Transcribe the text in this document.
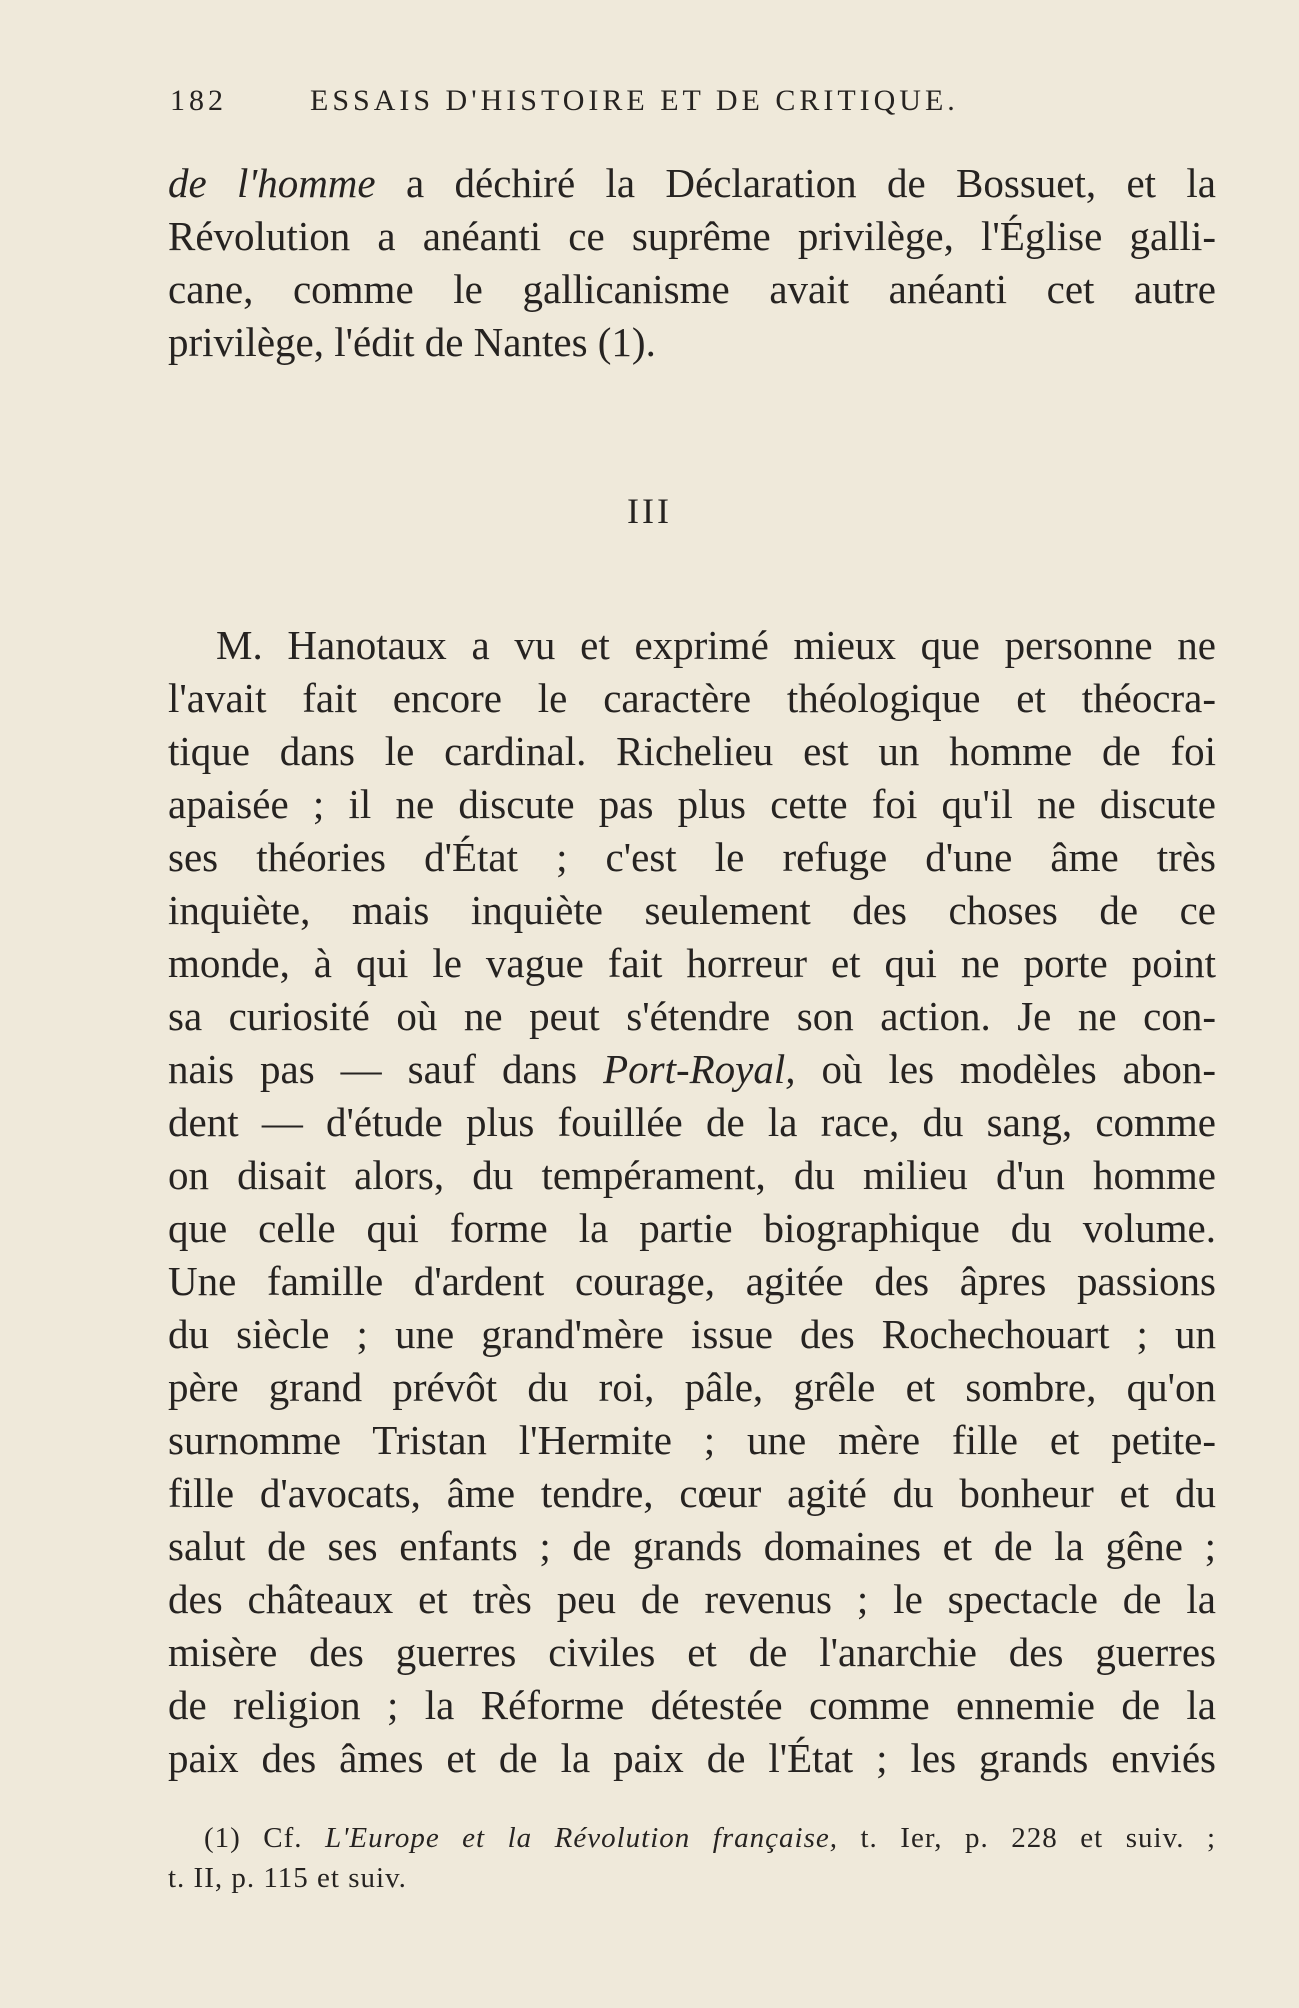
182	ESSAIS D'HISTOIRE ET DE CRITIQUE.
de l'homme a déchiré la Déclaration de Bossuet, et la
Révolution a anéanti ce suprême privilège, l'Église galli-
cane, comme le gallicanisme avait anéanti cet autre
privilège, l'édit de Nantes (1).
III
M. Hanotaux a vu et exprimé mieux que personne ne
l'avait fait encore le caractère théologique et théocra-
tique dans le cardinal. Richelieu est un homme de foi
apaisée ; il ne discute pas plus cette foi qu'il ne discute
ses théories d'État ; c'est le refuge d'une âme très
inquiète, mais inquiète seulement des choses de ce
monde, à qui le vague fait horreur et qui ne porte point
sa curiosité où ne peut s'étendre son action. Je ne con-
nais pas — sauf dans Port-Royal, où les modèles abon-
dent — d'étude plus fouillée de la race, du sang, comme
on disait alors, du tempérament, du milieu d'un homme
que celle qui forme la partie biographique du volume.
Une famille d'ardent courage, agitée des âpres passions
du siècle ; une grand'mère issue des Rochechouart ; un
père grand prévôt du roi, pâle, grêle et sombre, qu'on
surnomme Tristan l'Hermite ; une mère fille et petite-
fille d'avocats, âme tendre, cœur agité du bonheur et du
salut de ses enfants ; de grands domaines et de la gêne ;
des châteaux et très peu de revenus ; le spectacle de la
misère des guerres civiles et de l'anarchie des guerres
de religion ; la Réforme détestée comme ennemie de la
paix des âmes et de la paix de l'État ; les grands enviés
(1) Cf. L'Europe et la Révolution française, t. Ier, p. 228 et suiv. ;
t. II, p. 115 et suiv.
